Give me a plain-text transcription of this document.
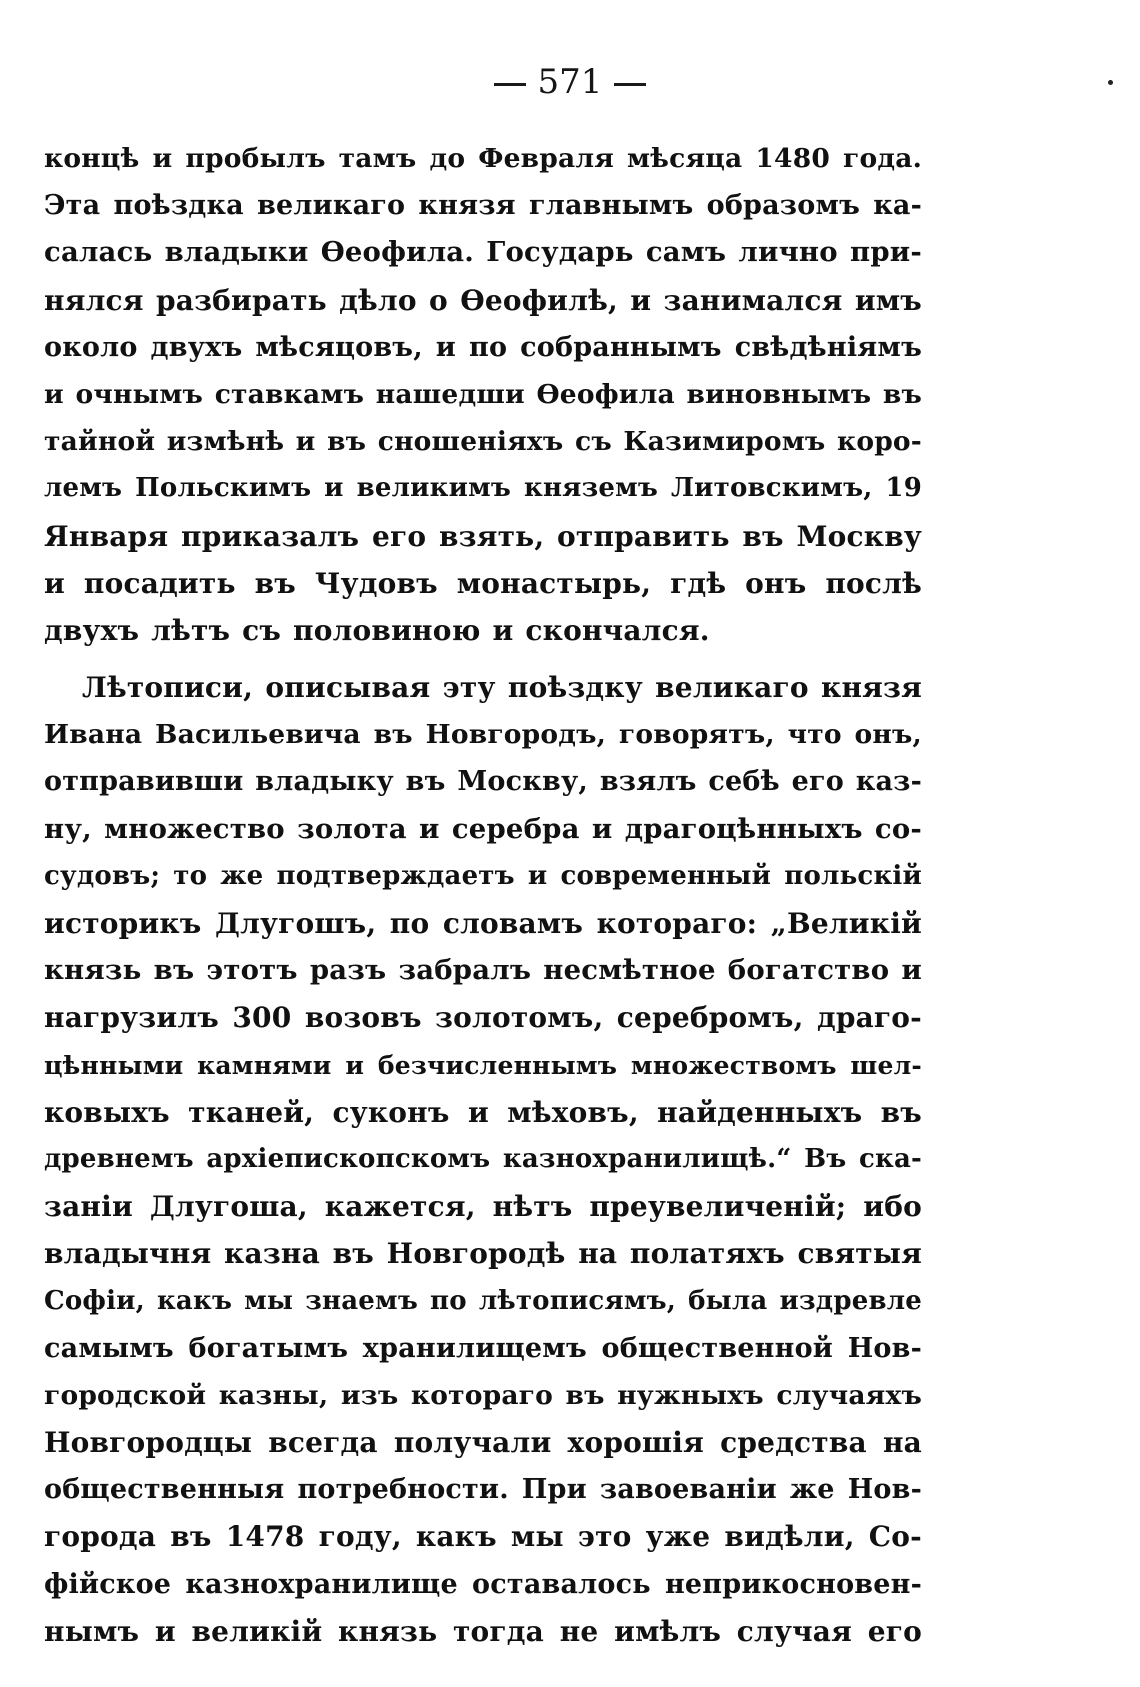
571
концѣ и пробылъ тамъ до Февраля мѣсяца 1480 года.
Эта поѣздка великаго князя главнымъ образомъ ка-
салась владыки Ѳеофила. Государь самъ лично при-
нялся разбирать дѣло о Ѳеофилѣ, и занимался имъ
около двухъ мѣсяцовъ, и по собраннымъ свѣдѣніямъ
и очнымъ ставкамъ нашедши Ѳеофила виновнымъ въ
тайной измѣнѣ и въ сношеніяхъ съ Казимиромъ коро-
лемъ Польскимъ и великимъ княземъ Литовскимъ, 19
Января приказалъ его взять, отправить въ Москву
и посадить въ Чудовъ монастырь, гдѣ онъ послѣ
двухъ лѣтъ съ половиною и скончался.
Лѣтописи, описывая эту поѣздку великаго князя
Ивана Васильевича въ Новгородъ, говорятъ, что онъ,
отправивши владыку въ Москву, взялъ себѣ его каз-
ну, множество золота и серебра и драгоцѣнныхъ со-
судовъ; то же подтверждаетъ и современный польскій
историкъ Длугошъ, по словамъ котораго: „Великій
князь въ этотъ разъ забралъ несмѣтное богатство и
нагрузилъ 300 возовъ золотомъ, серебромъ, драго-
цѣнными камнями и безчисленнымъ множествомъ шел-
ковыхъ тканей, суконъ и мѣховъ, найденныхъ въ
древнемъ архіепископскомъ казнохранилищѣ.“ Въ ска-
заніи Длугоша, кажется, нѣтъ преувеличеній; ибо
владычня казна въ Новгородѣ на полатяхъ святыя
Софіи, какъ мы знаемъ по лѣтописямъ, была издревле
самымъ богатымъ хранилищемъ общественной Нов-
городской казны, изъ котораго въ нужныхъ случаяхъ
Новгородцы всегда получали хорошія средства на
общественныя потребности. При завоеваніи же Нов-
города въ 1478 году, какъ мы это уже видѣли, Со-
фійское казнохранилище оставалось неприкосновен-
нымъ и великій князь тогда не имѣлъ случая его
